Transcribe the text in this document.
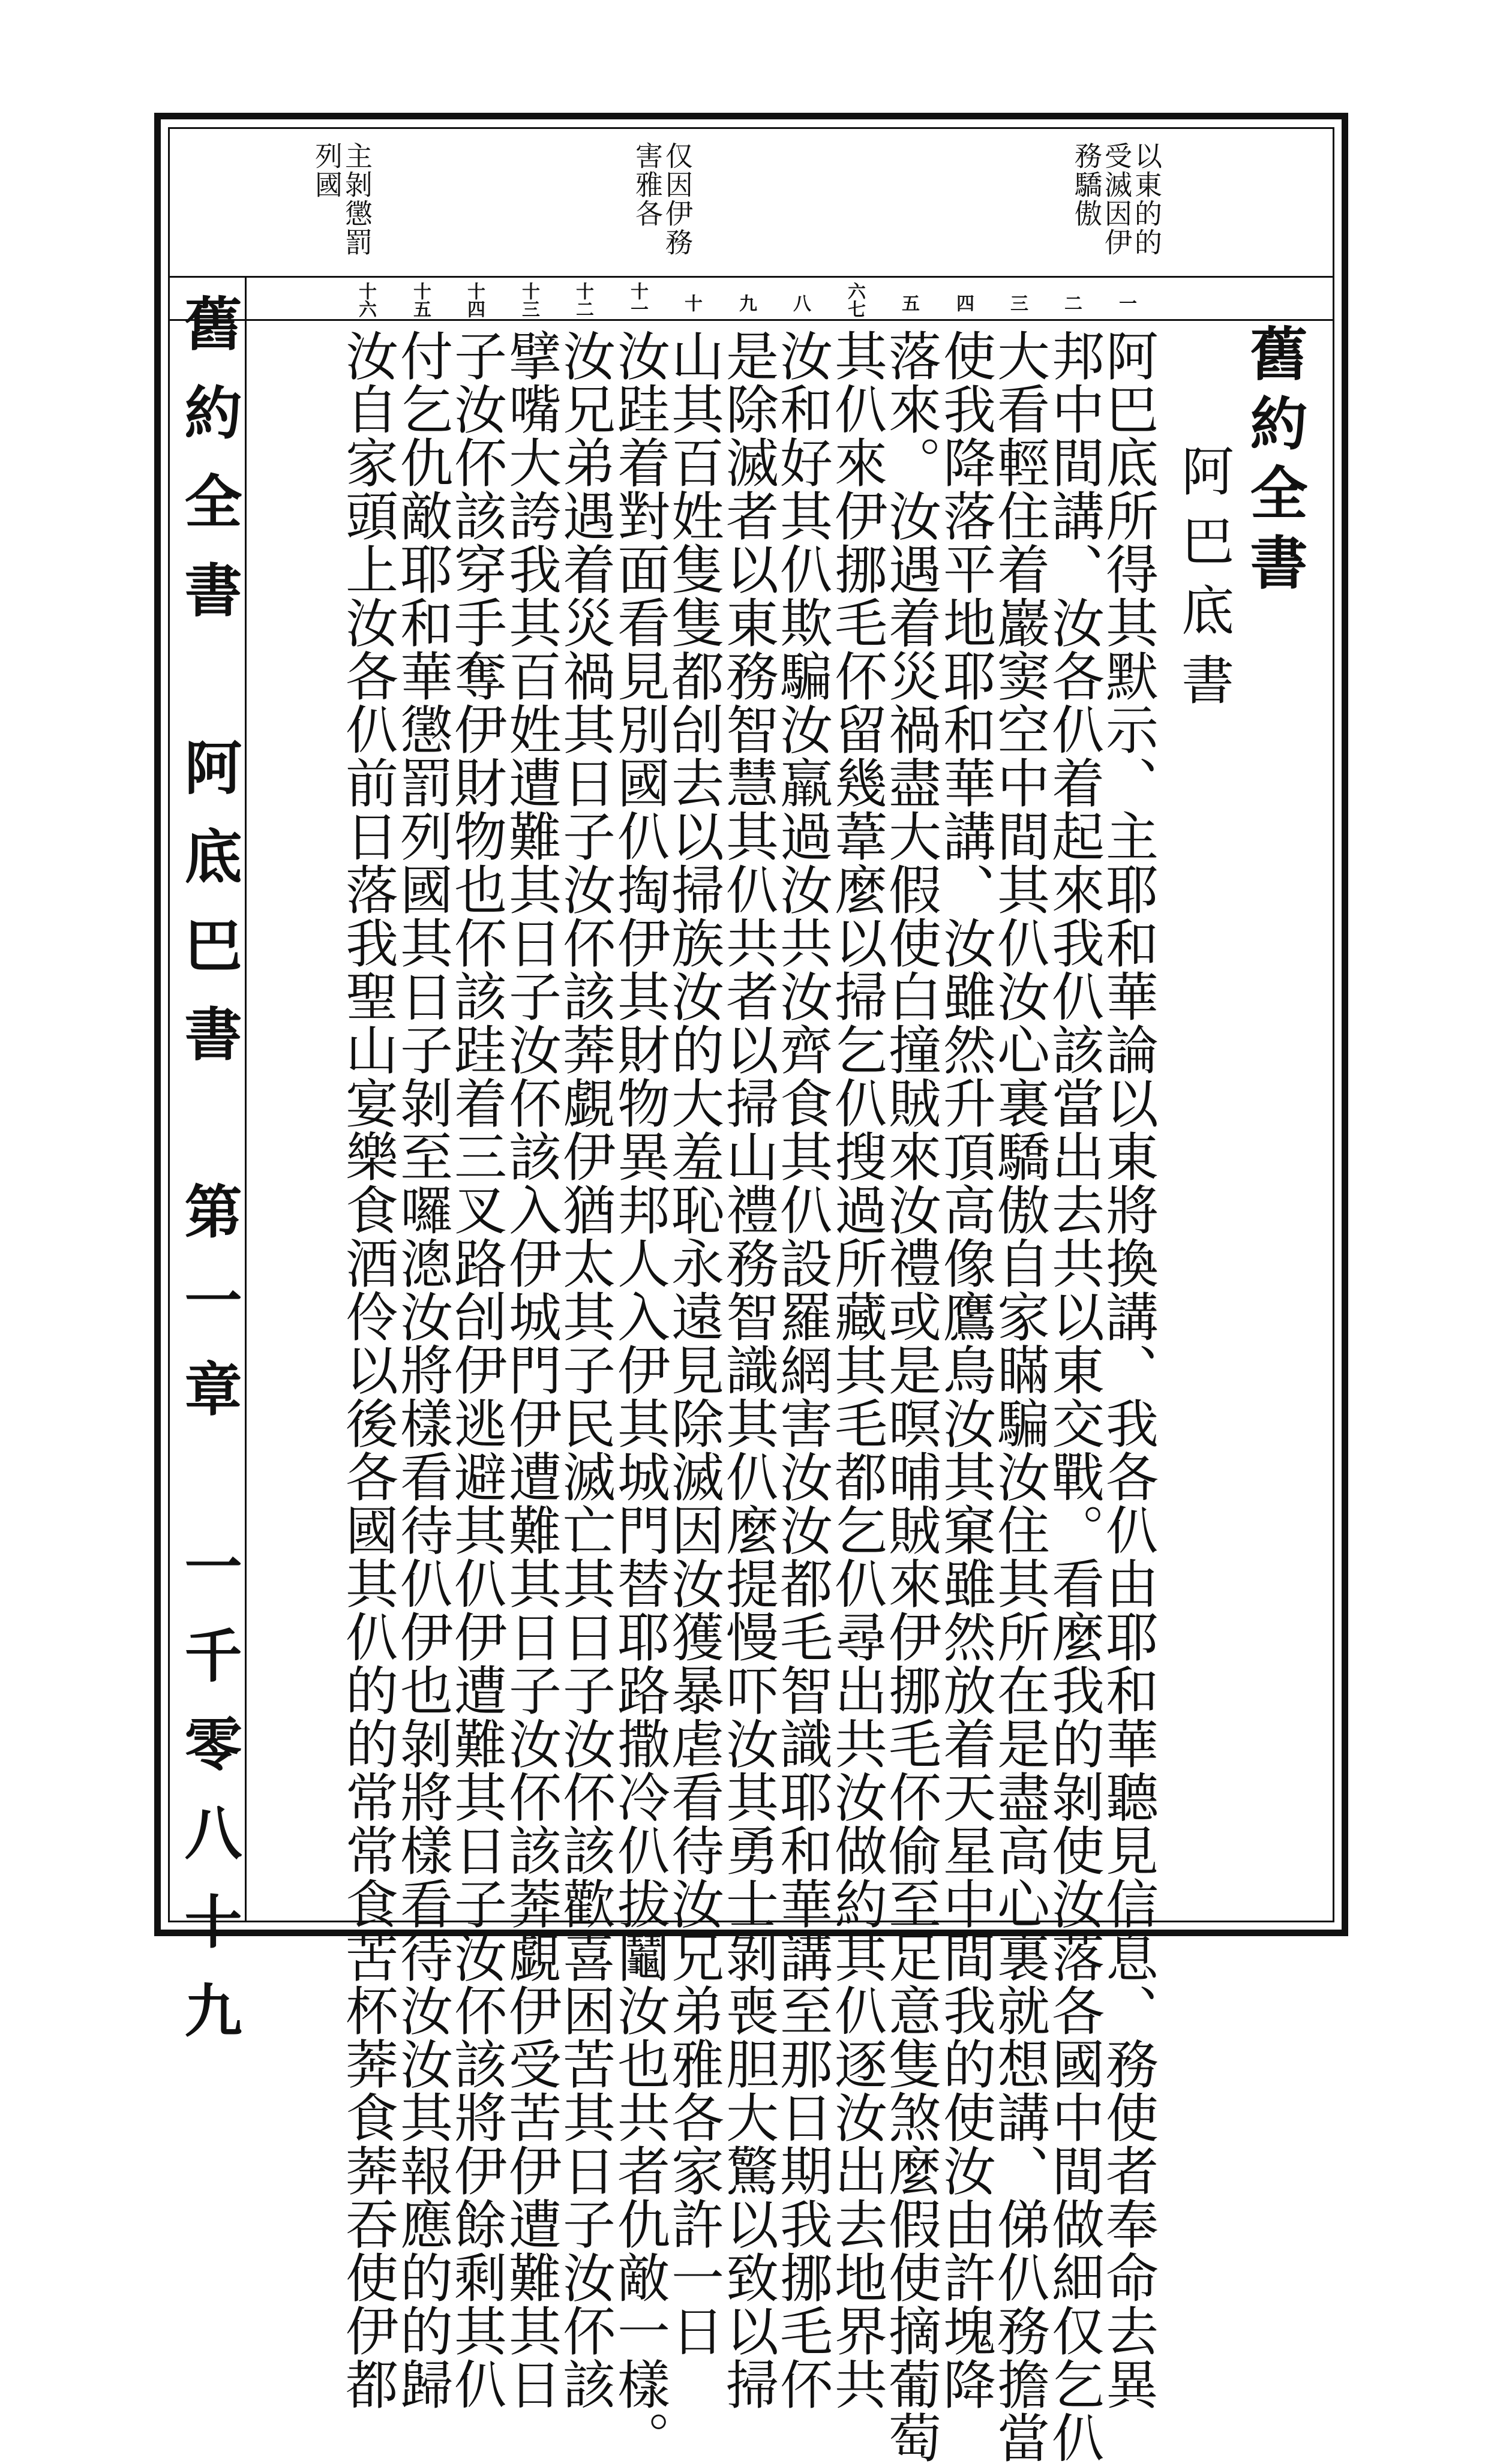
以東的的
受滅因伊
務驕傲
仅因伊務
害雅各
主剝懲罰
列國
舊約全書　阿底巴書　第一章　一千零八十九	舊約全書
阿巴底書
一
二
三
四
五
六七
八
九
十
十一
十二
十三
十四
十五
十六
阿巴底所得其默示、主耶和華論以東將換講、我各仈由耶和華聽見信息、務使者奉命去異
邦中間講、汝各仈着起來我仈該當出去共以東交戰。看麼我的剝使汝落各國中間做細仅乞仈
大看輕住着巖窦空中間其仈汝心裏驕傲自家瞞騙汝住其所在是盡高心裏就想講、俤仈務擔當
使我降落平地耶和華講、汝雖然升頂高像鷹鳥汝其窠雖然放着天星中間我的使汝由許塊降
落來。汝遇着災禍盡大假使白撞賊來汝禮或是暝晡賊來伊挪毛伓偷至足意隻煞麼假使摘葡萄
其仈來伊挪毛伓留幾葦麼以掃乞仈搜過所藏其毛都乞仈尋出共汝做約其仈逐汝出去地界共
汝和好其仈欺騙汝羸過汝共汝齊食其仈設羅網害汝汝都毛智識耶和華講至那日期我挪毛伓
是除滅者以東務智慧其仈共者以掃山禮務智識其仈麼提慢吓汝其勇士剝喪胆大驚以致以掃
山其百姓隻隻都刣去以掃族汝的大羞恥永遠見除滅因汝獲暴虐看待汝兄弟雅各家許一日
汝跬着對面看見別國仈掏伊其財物異邦人入伊其城門替耶路撒冷仈拔鬮汝也共者仇敵一樣。
汝兄弟遇着災禍其日子汝伓該莾覷伊猶太其子民滅亡其日子汝伓該歡喜困苦其日子汝伓該
擘嘴大誇我其百姓遭難其日子汝伓該入伊城門伊遭難其日子汝伓該莾覷伊受苦伊遭難其日
子汝伓該穿手奪伊財物也伓該跬着三叉路刣伊逃避其仈伊遭難其日子汝伓該將伊餘剩其仈
付乞仇敵耶和華懲罰列國其日子剝至囉漗汝將樣看待仈伊也剝將樣看待汝汝其報應的的歸
汝自家頭上汝各仈前日落我聖山宴樂食酒伶以後各國其仈的的常常食苦杯莾食莾吞使伊都
